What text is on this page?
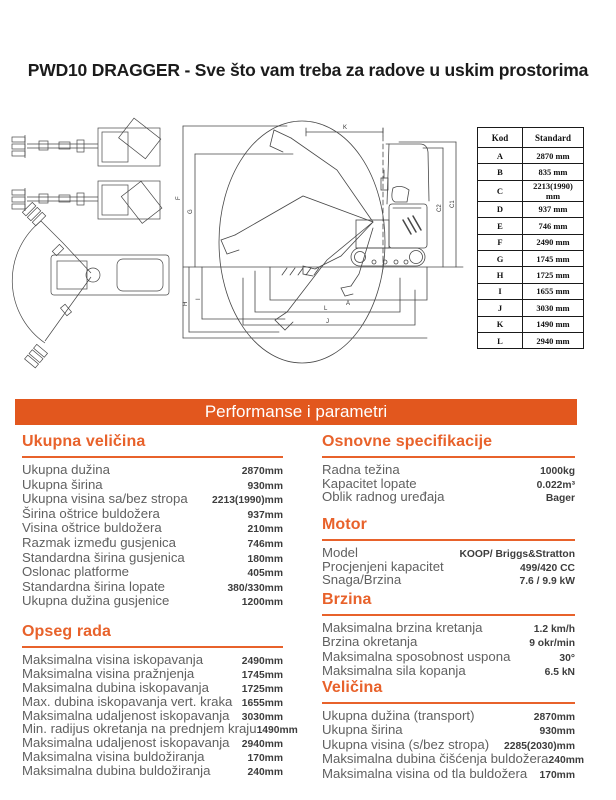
PWD10 DRAGGER - Sve što vam treba za radove u uskim prostorima
K
F
G
H
I
C2
C1
A
L
J
Kod	Standard
A	2870 mm
B	835 mm
C	2213(1990) mm
D	937 mm
E	746 mm
F	2490 mm
G	1745 mm
H	1725 mm
I	1655 mm
J	3030 mm
K	1490 mm
L	2940 mm
Performanse i parametri
Ukupna veličina
Ukupna dužina	2870mm
Ukupna širina	930mm
Ukupna visina sa/bez stropa 2213(1990)mm
Širina oštrice buldožera	937mm
Visina oštrice buldožera	210mm
Razmak između gusjenica	746mm
Standardna širina gusjenica	180mm
Oslonac platforme	405mm
Standardna širina lopate	380/330mm
Ukupna dužina gusjenice	1200mm
Opseg rada
Maksimalna visina iskopavanja	2490mm
Maksimalna visina pražnjenja	1745mm
Maksimalna dubina iskopavanja	1725mm
Max. dubina iskopavanja vert. kraka 1655mm
Maksimalna udaljenost iskopavanja 3030mm
Min. radijus okretanja na prednjem kraju 1490mm
Maksimalna udaljenost iskopavanja 2940mm
Maksimalna visina buldožiranja	170mm
Maksimalna dubina buldožiranja	240mm
Osnovne specifikacije
Radna težina	1000kg
Kapacitet lopate	0.022m³
Oblik radnog uređaja	Bager
Motor
Model	KOOP/ Briggs&Stratton
Procjenjeni kapacitet	499/420 CC
Snaga/Brzina	7.6 / 9.9 kW
Brzina
Maksimalna brzina kretanja	1.2 km/h
Brzina okretanja	9 okr/min
Maksimalna sposobnost uspona	30°
Maksimalna sila kopanja	6.5 kN
Veličina
Ukupna dužina (transport)	2870mm
Ukupna širina	930mm
Ukupna visina (s/bez stropa) 2285(2030)mm
Maksimalna dubina čišćenja buldožera 240mm
Maksimalna visina od tla buldožera 170mm
